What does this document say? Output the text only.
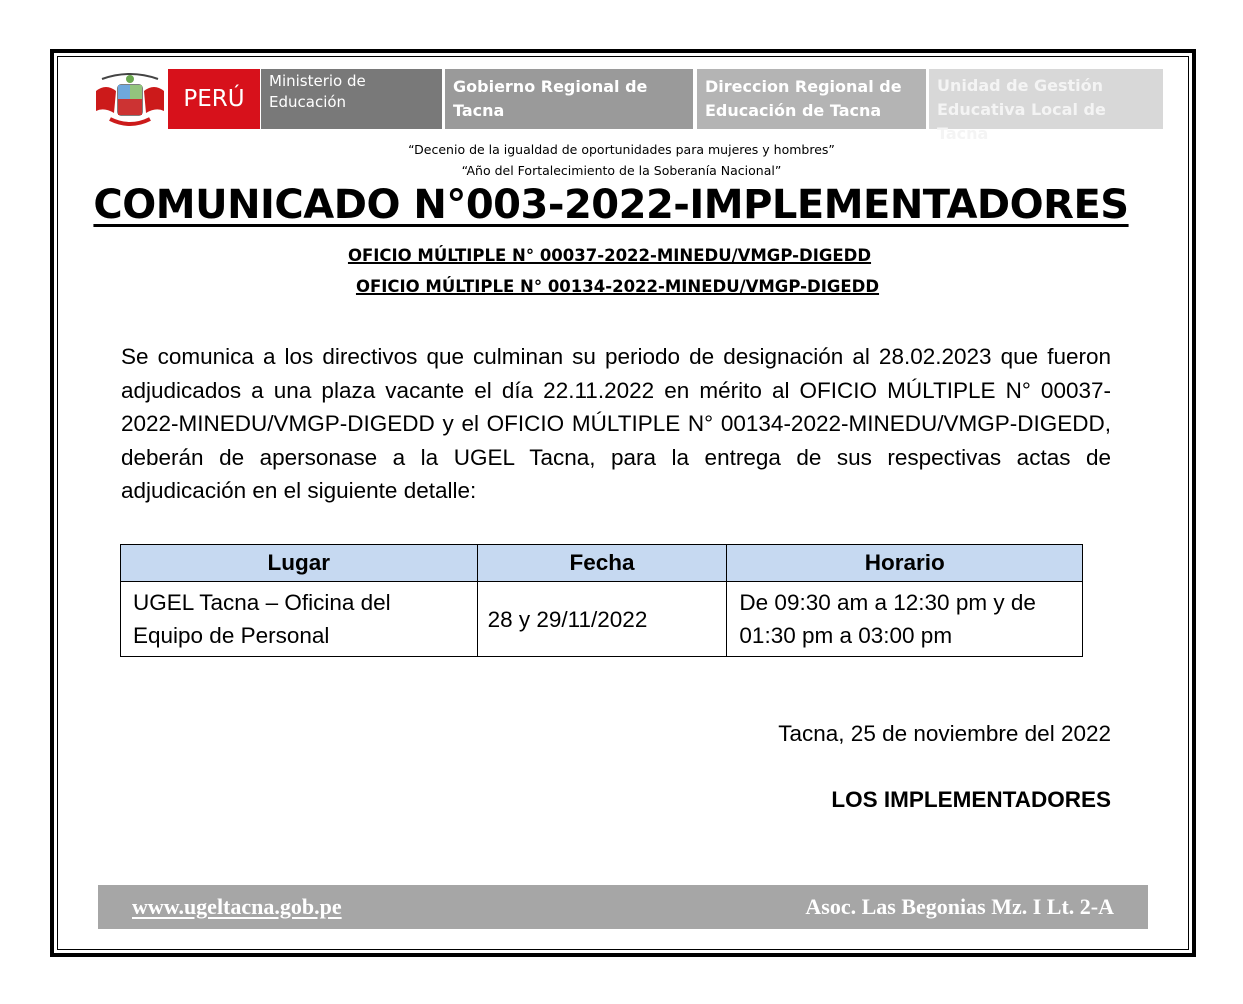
PERÚ
Ministerio de
Educación
Gobierno Regional de
Tacna
Direccion Regional de
Educación de Tacna
Unidad de Gestión
Educativa Local de Tacna
“Decenio de la igualdad de oportunidades para mujeres y hombres”
“Año del Fortalecimiento de la Soberanía Nacional”
COMUNICADO N°003-2022-IMPLEMENTADORES
OFICIO MÚLTIPLE N° 00037-2022-MINEDU/VMGP-DIGEDD
OFICIO MÚLTIPLE N° 00134-2022-MINEDU/VMGP-DIGEDD
Se comunica a los directivos que culminan su periodo de designación al 28.02.2023 que fueron adjudicados a una plaza vacante el día 22.11.2022 en mérito al OFICIO MÚLTIPLE N° 00037-2022-MINEDU/VMGP-DIGEDD y el OFICIO MÚLTIPLE N° 00134-2022-MINEDU/VMGP-DIGEDD, deberán de apersonase a la UGEL Tacna, para la entrega de sus respectivas actas de adjudicación en el siguiente detalle:
Lugar	Fecha	Horario
UGEL Tacna – Oficina del Equipo de Personal	28 y 29/11/2022	De 09:30 am a 12:30 pm y de 01:30 pm a 03:00 pm
Tacna, 25 de noviembre del 2022
LOS IMPLEMENTADORES
www.ugeltacna.gob.pe	Asoc. Las Begonias Mz. I Lt. 2-A
